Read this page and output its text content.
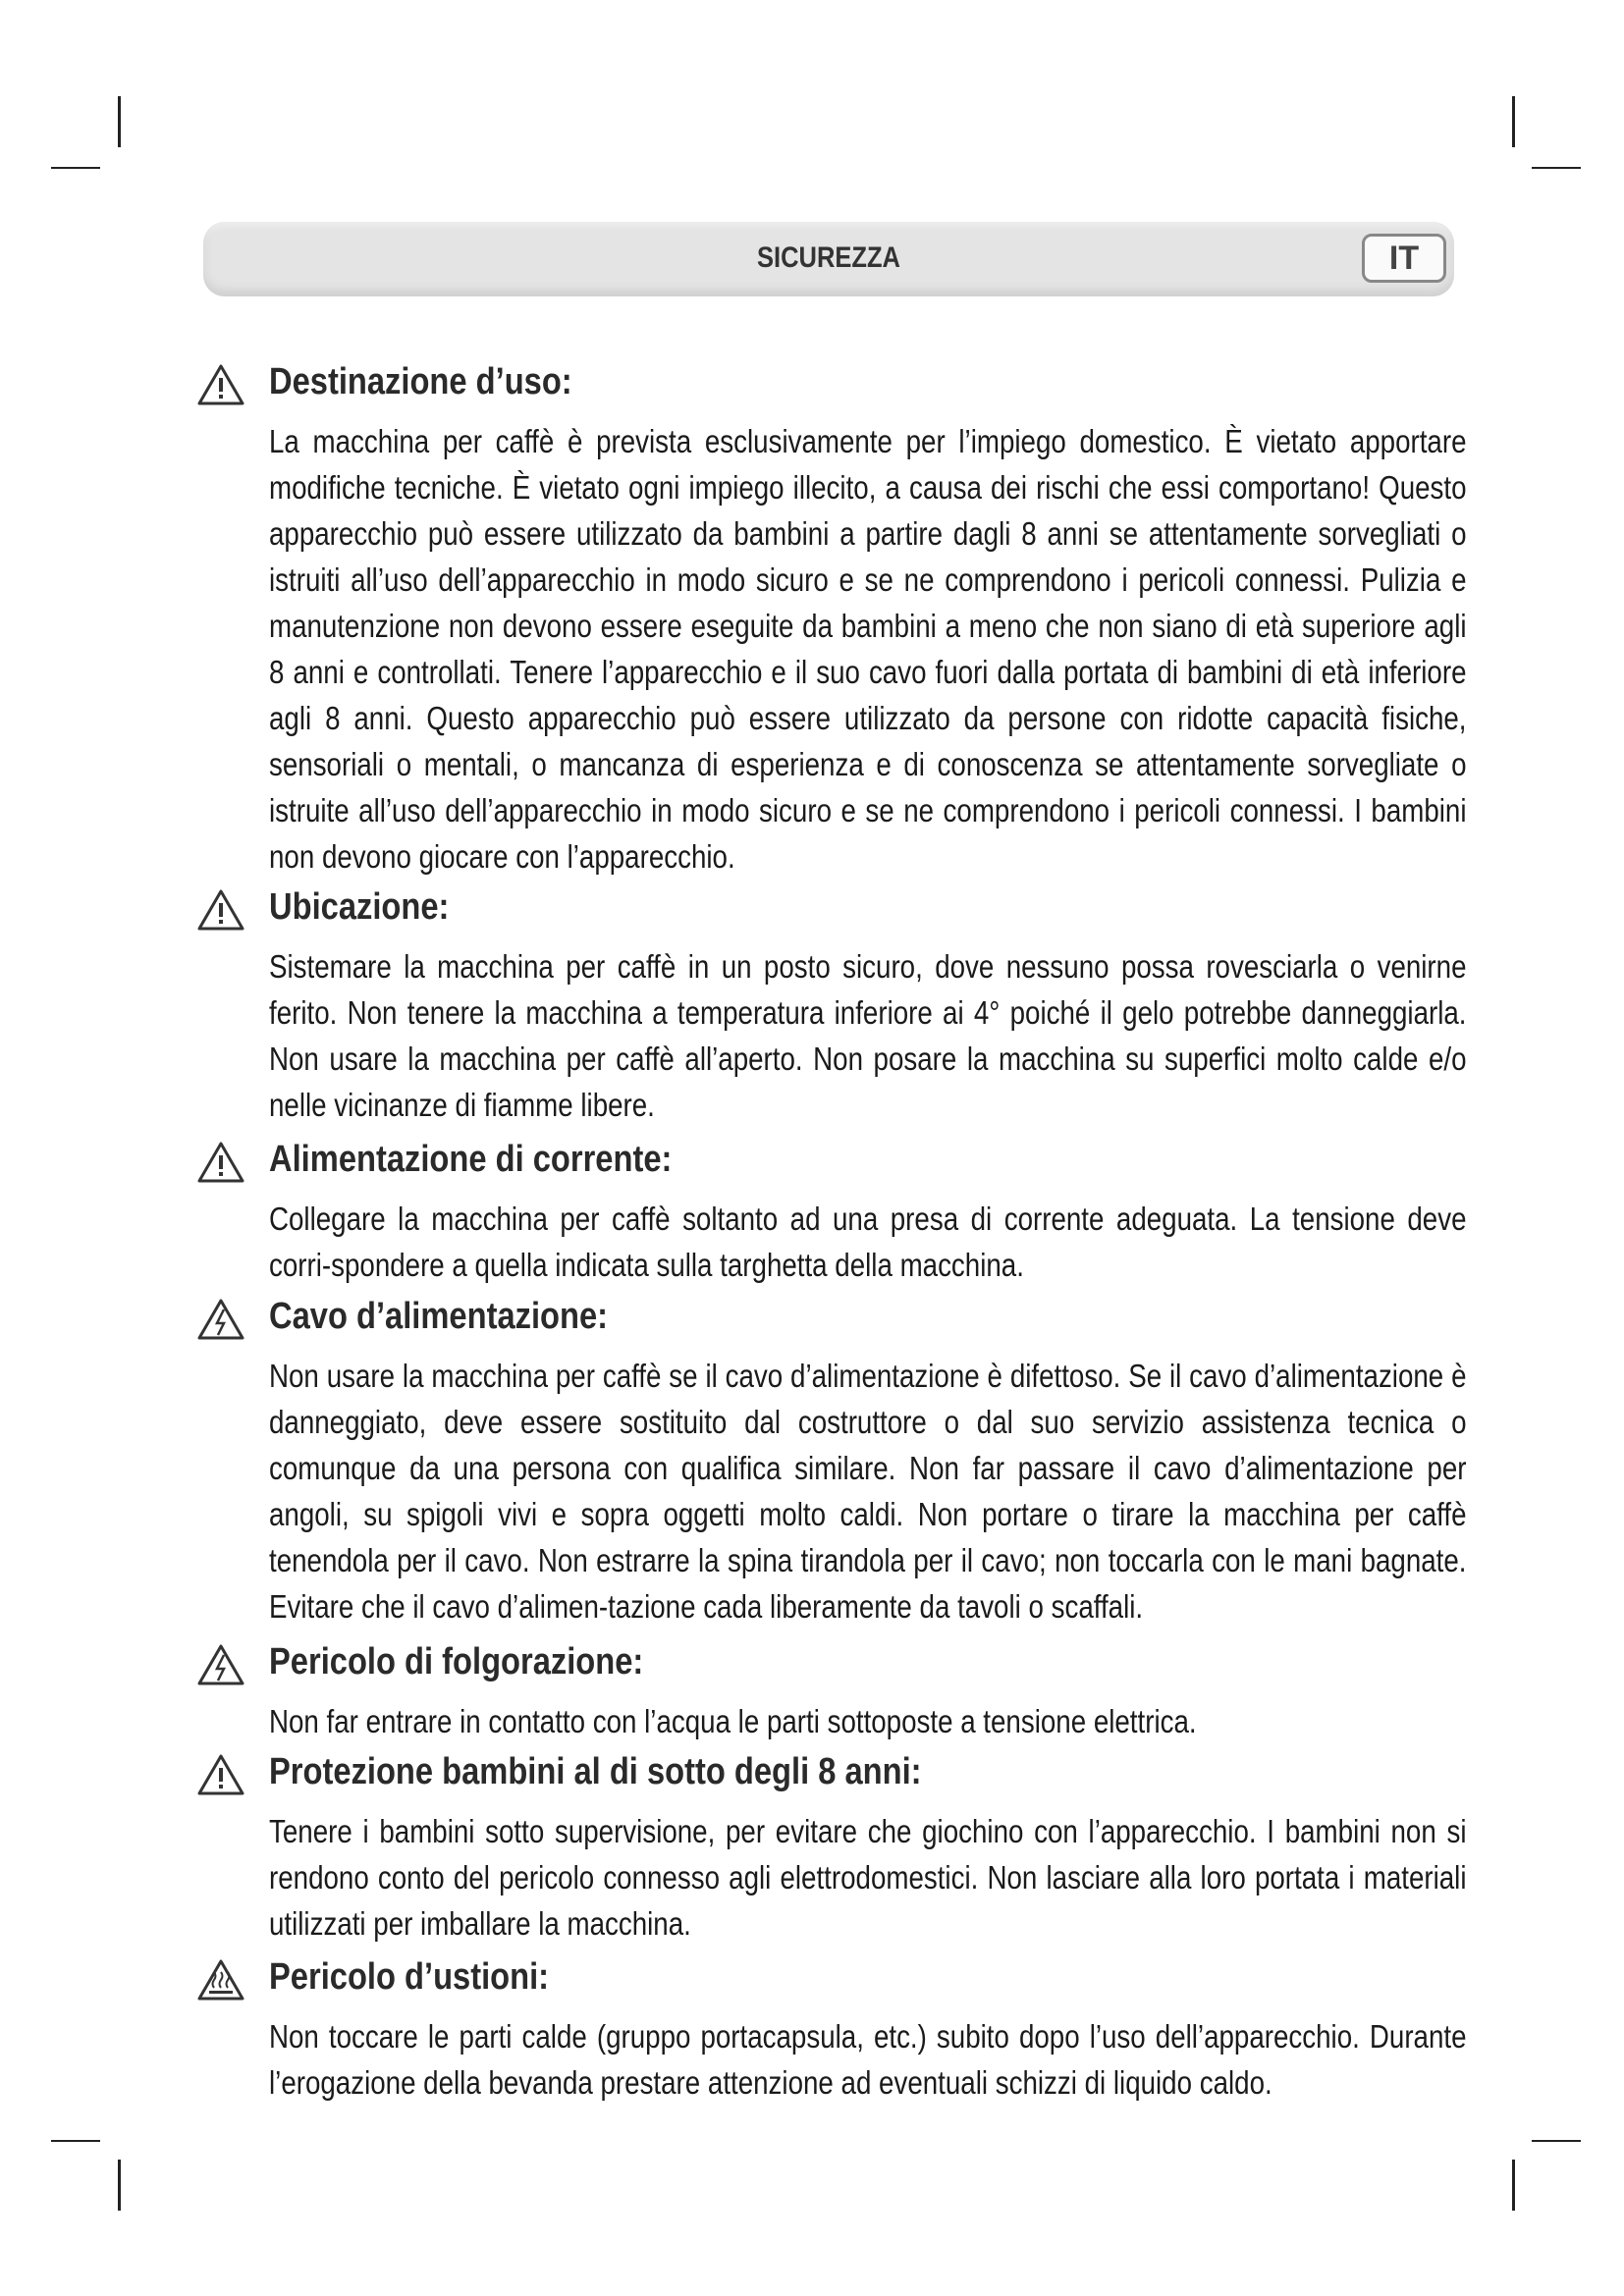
SICUREZZA	IT
Destinazione d’uso:

La macchina per caffè è prevista esclusivamente per l’impiego domestico. È vietato apportare modifiche tecniche. È vietato ogni impiego illecito, a causa dei rischi che essi comportano! Questo apparecchio può essere utilizzato da bambini a partire dagli 8 anni se attentamente sorvegliati o istruiti all’uso dell’apparecchio in modo sicuro e se ne comprendono i pericoli connessi. Pulizia e manutenzione non devono essere eseguite da bambini a meno che non siano di età superiore agli 8 anni e controllati. Tenere l’apparecchio e il suo cavo fuori dalla portata di bambini di età inferiore agli 8 anni. Questo apparecchio può essere utilizzato da persone con ridotte capacità fisiche, sensoriali o mentali, o mancanza di esperienza e di conoscenza se attentamente sorvegliate o istruite all’uso dell’apparecchio in modo sicuro e se ne comprendono i pericoli connessi. I bambini non devono giocare con l’apparecchio.

Ubicazione:

Sistemare la macchina per caffè in un posto sicuro, dove nessuno possa rovesciarla o venirne ferito. Non tenere la macchina a temperatura inferiore ai 4° poiché il gelo potrebbe danneggiarla. Non usare la macchina per caffè all’aperto. Non posare la macchina su superfici molto calde e/o nelle vicinanze di fiamme libere.

Alimentazione di corrente:

Collegare la macchina per caffè soltanto ad una presa di corrente adeguata. La tensione deve corri-spondere a quella indicata sulla targhetta della macchina.

Cavo d’alimentazione:

Non usare la macchina per caffè se il cavo d’alimentazione è difettoso. Se il cavo d’alimentazione è danneggiato, deve essere sostituito dal costruttore o dal suo servizio assistenza tecnica o comunque da una persona con qualifica similare. Non far passare il cavo d’alimentazione per angoli, su spigoli vivi e sopra oggetti molto caldi. Non portare o tirare la macchina per caffè tenendola per il cavo. Non estrarre la spina tirandola per il cavo; non toccarla con le mani bagnate. Evitare che il cavo d’alimen-tazione cada liberamente da tavoli o scaffali.

Pericolo di folgorazione:

Non far entrare in contatto con l’acqua le parti sottoposte a tensione elettrica.

Protezione bambini al di sotto degli 8 anni:

Tenere i bambini sotto supervisione, per evitare che giochino con l’apparecchio. I bambini non si rendono conto del pericolo connesso agli elettrodomestici. Non lasciare alla loro portata i materiali utilizzati per imballare la macchina.

Pericolo d’ustioni:

Non toccare le parti calde (gruppo portacapsula, etc.) subito dopo l’uso dell’apparecchio. Durante l’erogazione della bevanda prestare attenzione ad eventuali schizzi di liquido caldo.
